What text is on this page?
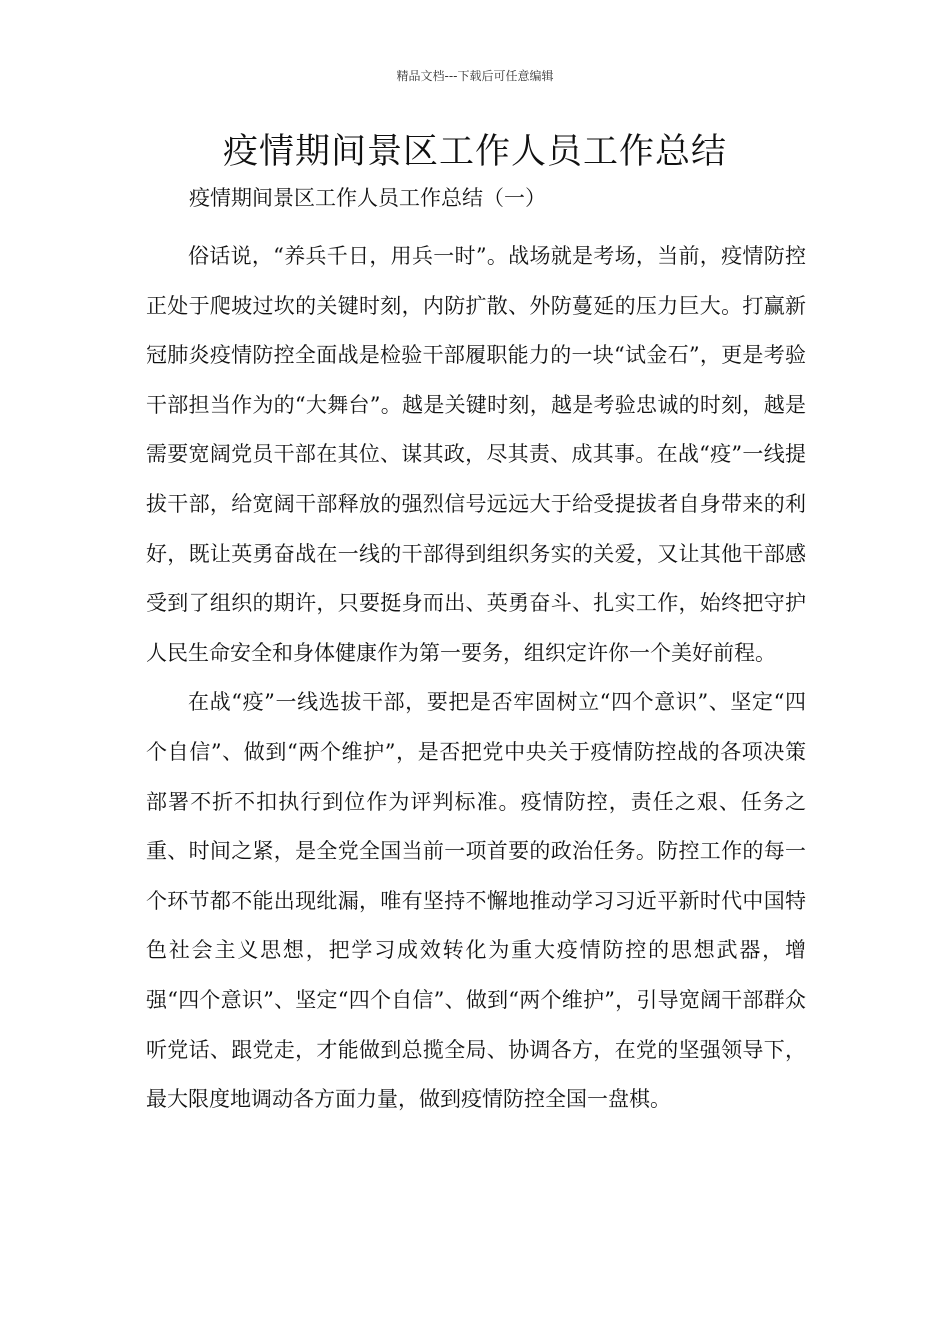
精品文档---下载后可任意编辑
疫情期间景区工作人员工作总结

疫情期间景区工作人员工作总结（一）

俗话说，“养兵千日，用兵一时”。战场就是考场，当前，疫情防控正处于爬坡过坎的关键时刻，内防扩散、外防蔓延的压力巨大。打赢新冠肺炎疫情防控全面战是检验干部履职能力的一块“试金石”，更是考验干部担当作为的“大舞台”。越是关键时刻，越是考验忠诚的时刻，越是需要宽阔党员干部在其位、谋其政，尽其责、成其事。在战“疫”一线提拔干部，给宽阔干部释放的强烈信号远远大于给受提拔者自身带来的利好，既让英勇奋战在一线的干部得到组织务实的关爱，又让其他干部感受到了组织的期许，只要挺身而出、英勇奋斗、扎实工作，始终把守护人民生命安全和身体健康作为第一要务，组织定许你一个美好前程。

在战“疫”一线选拔干部，要把是否牢固树立“四个意识”、坚定“四个自信”、做到“两个维护”，是否把党中央关于疫情防控战的各项决策部署不折不扣执行到位作为评判标准。疫情防控，责任之艰、任务之重、时间之紧，是全党全国当前一项首要的政治任务。防控工作的每一个环节都不能出现纰漏，唯有坚持不懈地推动学习习近平新时代中国特色社会主义思想，把学习成效转化为重大疫情防控的思想武器，增强“四个意识”、坚定“四个自信”、做到“两个维护”，引导宽阔干部群众听党话、跟党走，才能做到总揽全局、协调各方，在党的坚强领导下，最大限度地调动各方面力量，做到疫情防控全国一盘棋。
